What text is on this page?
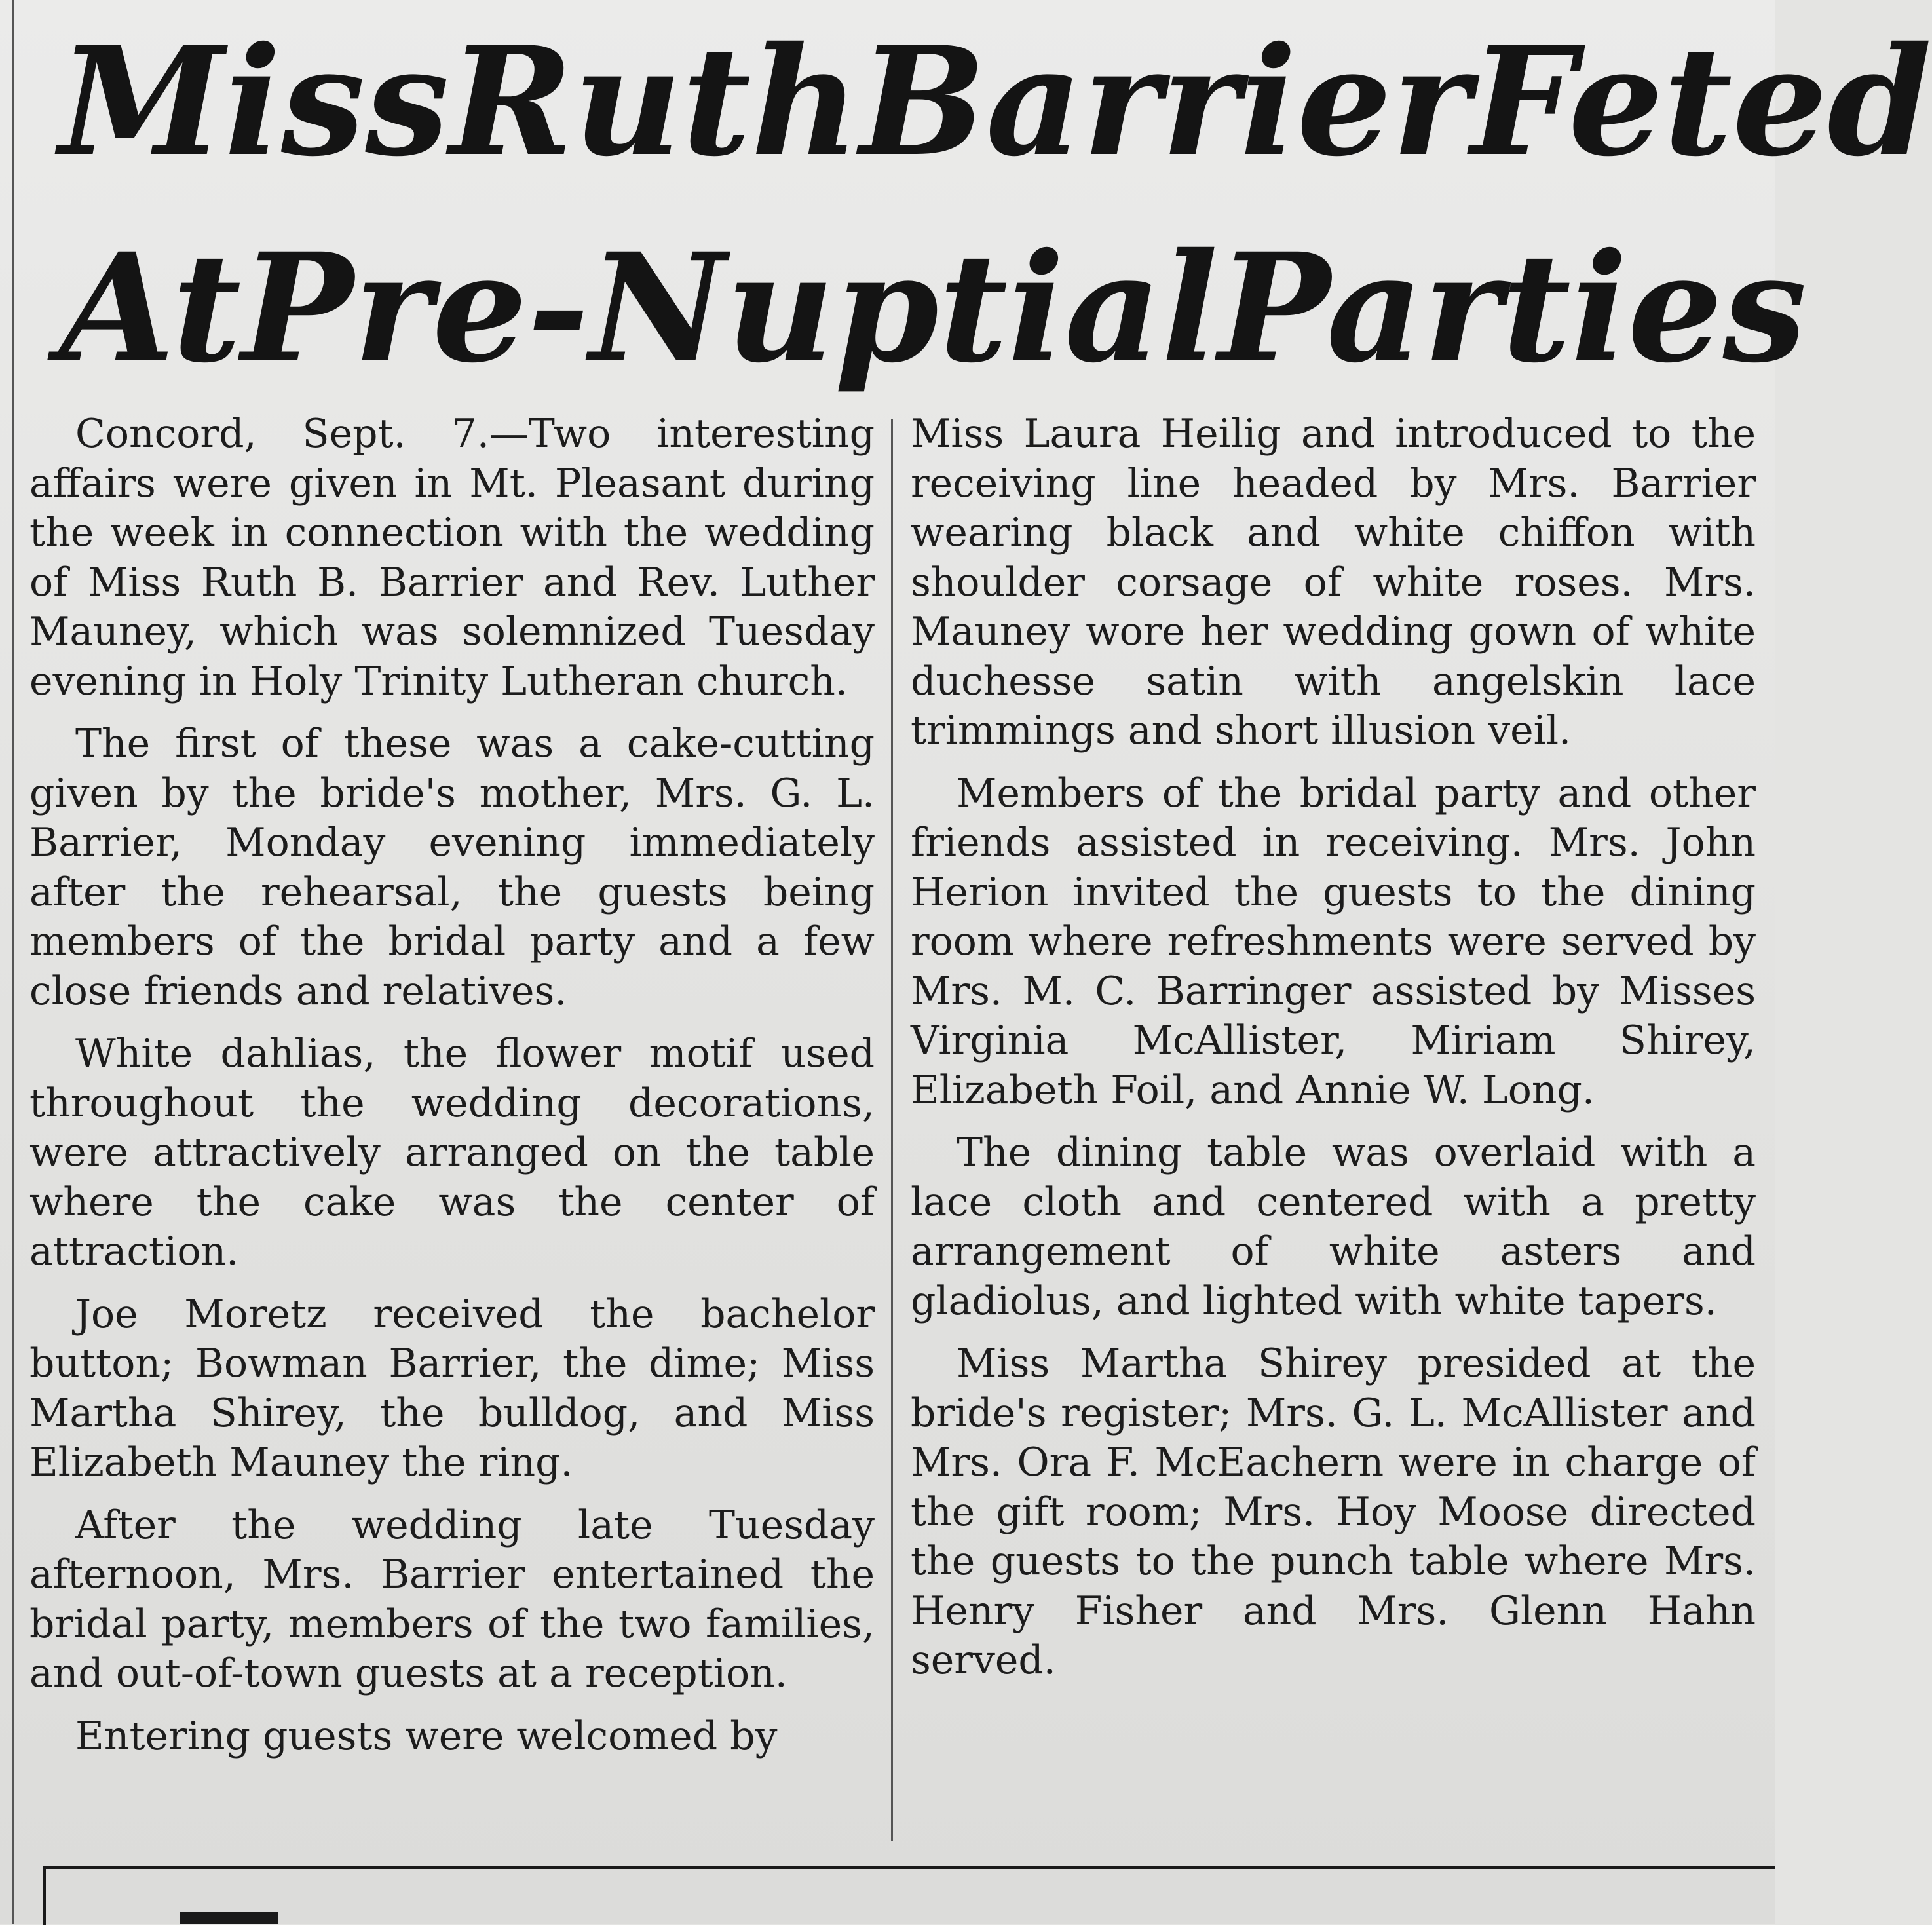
Miss Ruth Barrier Feted
At Pre-Nuptial Parties

Concord, Sept. 7.—Two interesting affairs were given in Mt. Pleasant during the week in connection with the wedding of Miss Ruth B. Barrier and Rev. Luther Mauney, which was solemnized Tuesday evening in Holy Trinity Lutheran church.

The first of these was a cake-cutting given by the bride's mother, Mrs. G. L. Barrier, Monday evening immediately after the rehearsal, the guests being members of the bridal party and a few close friends and relatives.

White dahlias, the flower motif used throughout the wedding decorations, were attractively arranged on the table where the cake was the center of attraction.

Joe Moretz received the bachelor button; Bowman Barrier, the dime; Miss Martha Shirey, the bulldog, and Miss Elizabeth Mauney the ring.

After the wedding late Tuesday afternoon, Mrs. Barrier entertained the bridal party, members of the two families, and out-of-town guests at a reception.

Entering guests were welcomed by

Miss Laura Heilig and introduced to the receiving line headed by Mrs. Barrier wearing black and white chiffon with shoulder corsage of white roses. Mrs. Mauney wore her wedding gown of white duchesse satin with angelskin lace trimmings and short illusion veil.

Members of the bridal party and other friends assisted in receiving. Mrs. John Herion invited the guests to the dining room where refreshments were served by Mrs. M. C. Barringer assisted by Misses Virginia McAllister, Miriam Shirey, Elizabeth Foil, and Annie W. Long.

The dining table was overlaid with a lace cloth and centered with a pretty arrangement of white asters and gladiolus, and lighted with white tapers.

Miss Martha Shirey presided at the bride's register; Mrs. G. L. McAllister and Mrs. Ora F. McEachern were in charge of the gift room; Mrs. Hoy Moose directed the guests to the punch table where Mrs. Henry Fisher and Mrs. Glenn Hahn served.
